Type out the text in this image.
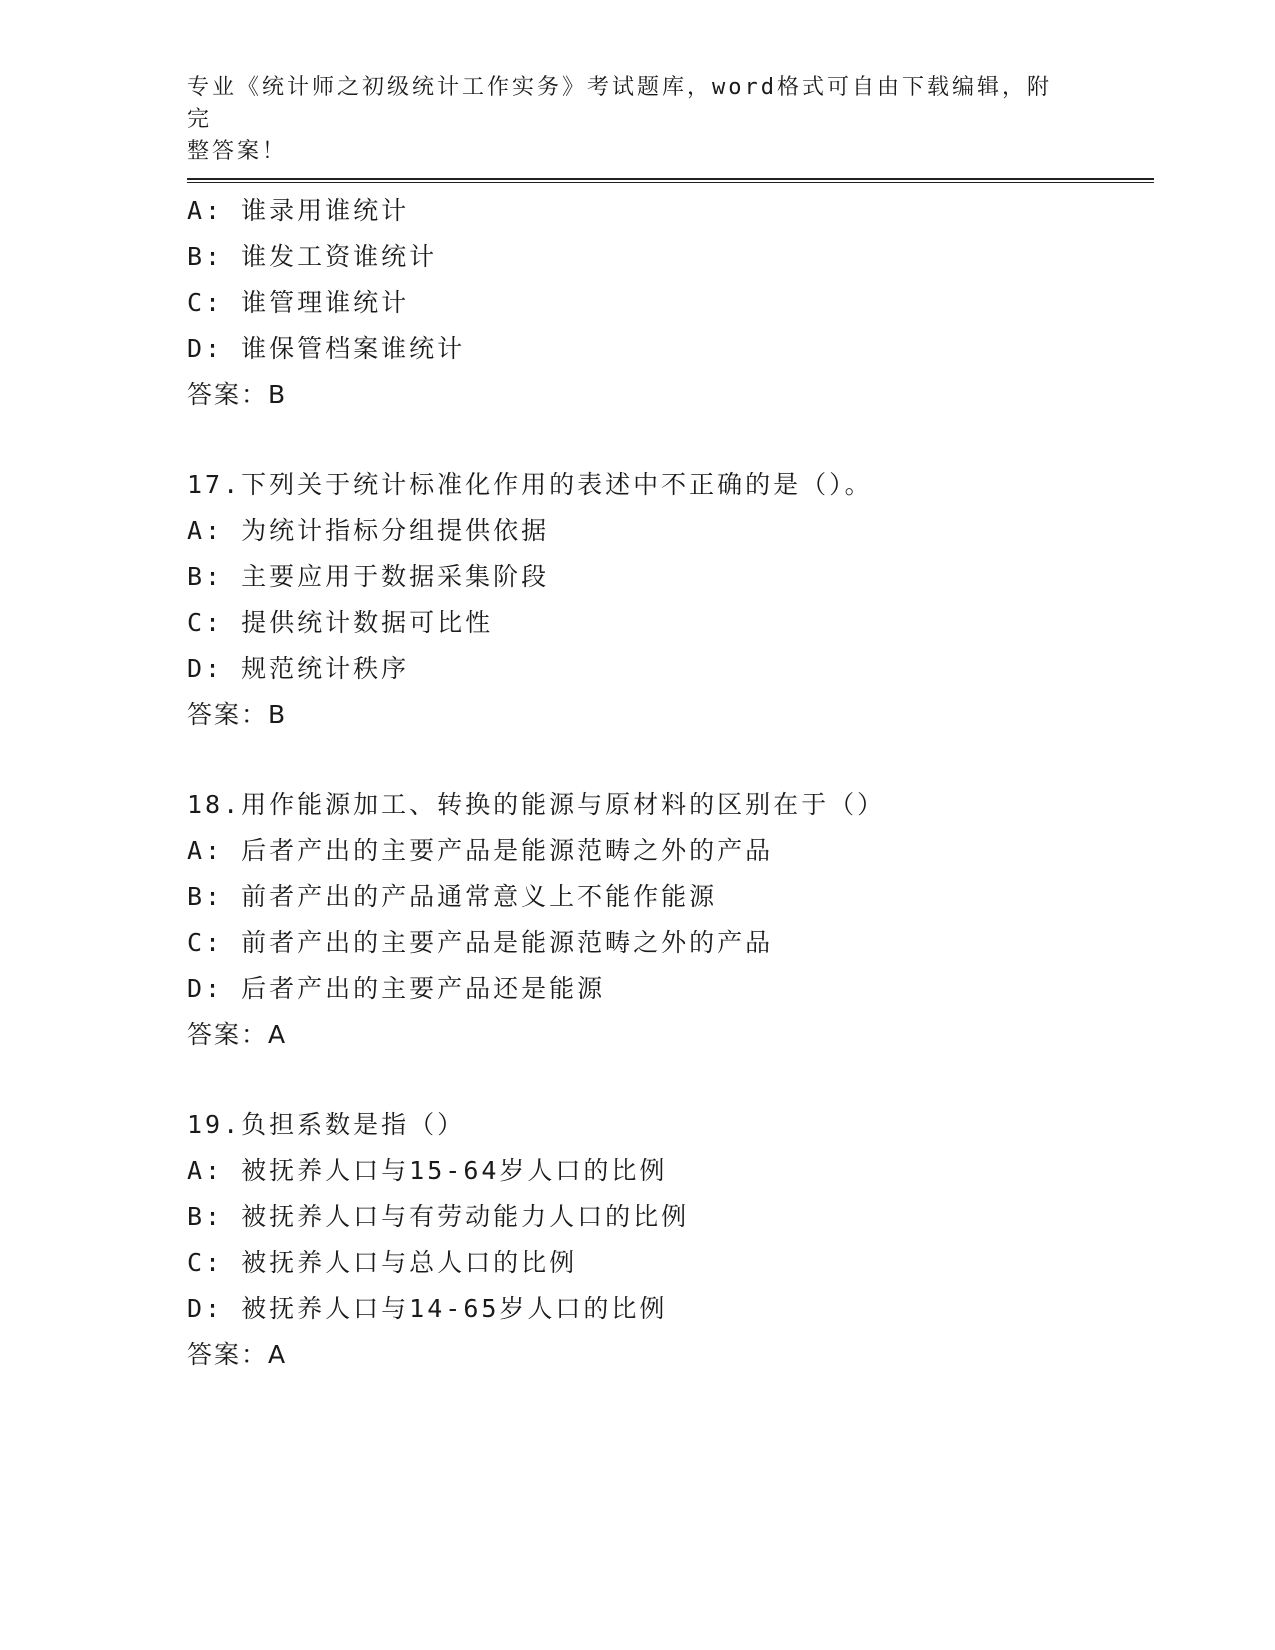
专业《统计师之初级统计工作实务》考试题库，word格式可自由下载编辑，附完
整答案！
A: 谁录用谁统计
B: 谁发工资谁统计
C: 谁管理谁统计
D: 谁保管档案谁统计
答案：B
17.下列关于统计标准化作用的表述中不正确的是（）。
A: 为统计指标分组提供依据
B: 主要应用于数据采集阶段
C: 提供统计数据可比性
D: 规范统计秩序
答案：B
18.用作能源加工、转换的能源与原材料的区别在于（）
A: 后者产出的主要产品是能源范畴之外的产品
B: 前者产出的产品通常意义上不能作能源
C: 前者产出的主要产品是能源范畴之外的产品
D: 后者产出的主要产品还是能源
答案：A
19.负担系数是指（）
A: 被抚养人口与15-64岁人口的比例
B: 被抚养人口与有劳动能力人口的比例
C: 被抚养人口与总人口的比例
D: 被抚养人口与14-65岁人口的比例
答案：A
